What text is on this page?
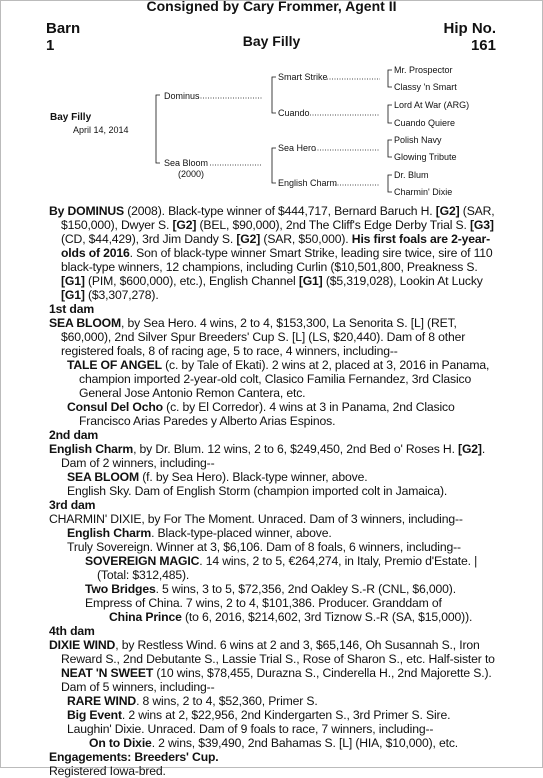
Consigned by Cary Frommer, Agent II
Barn
1
Hip No.
161
Bay Filly
Bay Filly
April 14, 2014
Dominus
Sea Bloom
(2000)
Smart Strike
Cuando
Sea Hero
English Charm
Mr. Prospector
Classy 'n Smart
Lord At War (ARG)
Cuando Quiere
Polish Navy
Glowing Tribute
Dr. Blum
Charmin' Dixie

By DOMINUS (2008). Black-type winner of $444,717, Bernard Baruch H. [G2] (SAR, $150,000), Dwyer S. [G2] (BEL, $90,000), 2nd The Cliff's Edge Derby Trial S. [G3] (CD, $44,429), 3rd Jim Dandy S. [G2] (SAR, $50,000). His first foals are 2-year-olds of 2016. Son of black-type winner Smart Strike, leading sire twice, sire of 110 black-type winners, 12 champions, including Curlin ($10,501,800, Preakness S. [G1] (PIM, $600,000), etc.), English Channel [G1] ($5,319,028), Lookin At Lucky [G1] ($3,307,278).

1st dam

SEA BLOOM, by Sea Hero. 4 wins, 2 to 4, $153,300, La Senorita S. [L] (RET, $60,000), 2nd Silver Spur Breeders' Cup S. [L] (LS, $20,440). Dam of 8 other registered foals, 8 of racing age, 5 to race, 4 winners, including--

TALE OF ANGEL (c. by Tale of Ekati). 2 wins at 2, placed at 3, 2016 in Panama, champion imported 2-year-old colt, Clasico Familia Fernandez, 3rd Clasico General Jose Antonio Remon Cantera, etc.

Consul Del Ocho (c. by El Corredor). 4 wins at 3 in Panama, 2nd Clasico Francisco Arias Paredes y Alberto Arias Espinos.

2nd dam

English Charm, by Dr. Blum. 12 wins, 2 to 6, $249,450, 2nd Bed o' Roses H. [G2]. Dam of 2 winners, including--

SEA BLOOM (f. by Sea Hero). Black-type winner, above.

English Sky. Dam of English Storm (champion imported colt in Jamaica).

3rd dam

CHARMIN' DIXIE, by For The Moment. Unraced. Dam of 3 winners, including--

English Charm. Black-type-placed winner, above.

Truly Sovereign. Winner at 3, $6,106. Dam of 8 foals, 6 winners, including--

SOVEREIGN MAGIC. 14 wins, 2 to 5, €264,274, in Italy, Premio d'Estate. | (Total: $312,485).

Two Bridges. 5 wins, 3 to 5, $72,356, 2nd Oakley S.-R (CNL, $6,000).

Empress of China. 7 wins, 2 to 4, $101,386. Producer. Granddam of

China Prince (to 6, 2016, $214,602, 3rd Tiznow S.-R (SA, $15,000)).

4th dam

DIXIE WIND, by Restless Wind. 6 wins at 2 and 3, $65,146, Oh Susannah S., Iron Reward S., 2nd Debutante S., Lassie Trial S., Rose of Sharon S., etc. Half-sister to NEAT 'N SWEET (10 wins, $78,455, Durazna S., Cinderella H., 2nd Majorette S.). Dam of 5 winners, including--

RARE WIND. 8 wins, 2 to 4, $52,360, Primer S.

Big Event. 2 wins at 2, $22,956, 2nd Kindergarten S., 3rd Primer S. Sire.

Laughin' Dixie. Unraced. Dam of 9 foals to race, 7 winners, including--

On to Dixie. 2 wins, $39,490, 2nd Bahamas S. [L] (HIA, $10,000), etc.

Engagements: Breeders' Cup.

Registered Iowa-bred.
